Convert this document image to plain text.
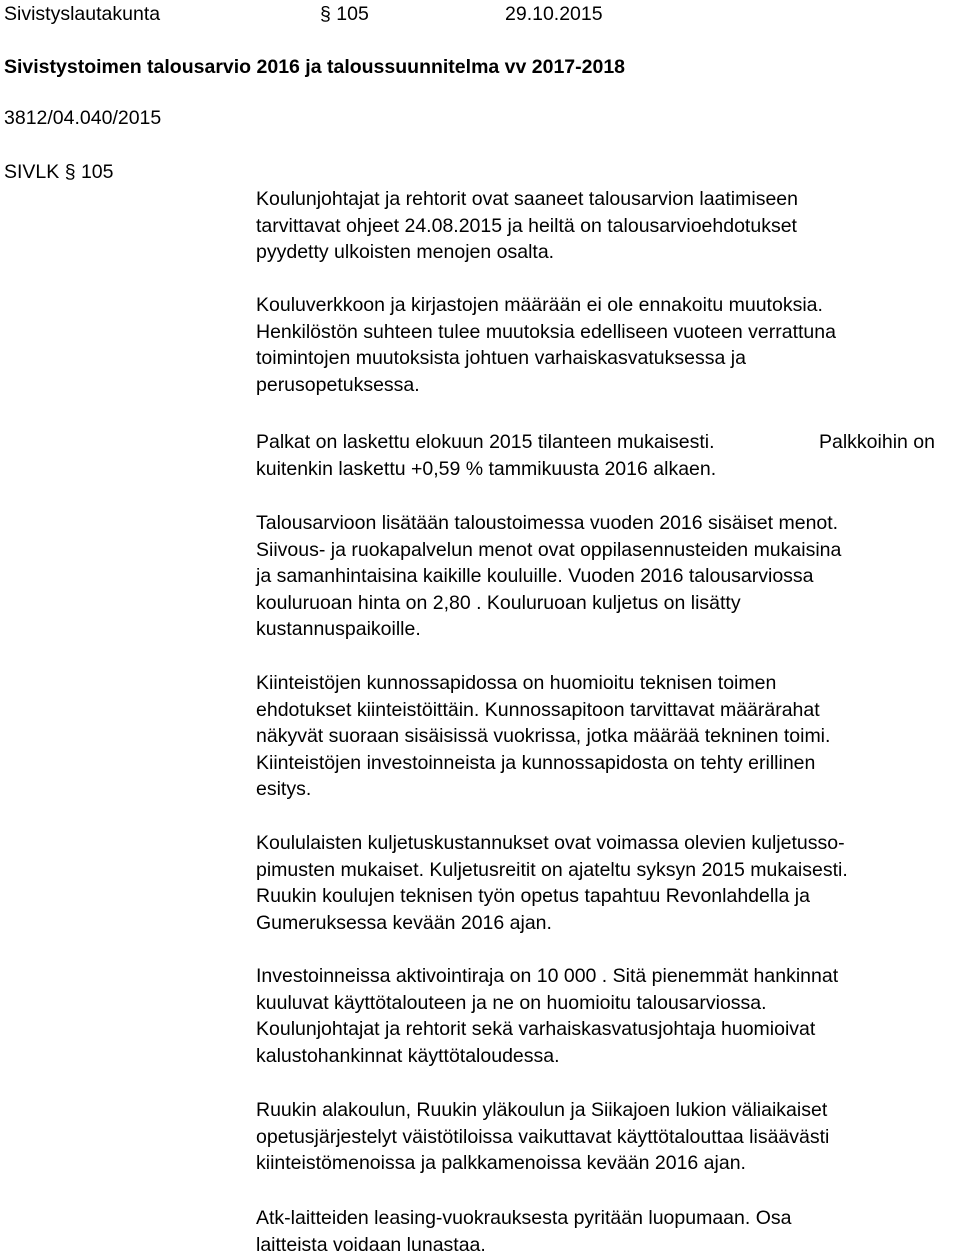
Sivistyslautakunta	§ 105	29.10.2015
Sivistystoimen talousarvio 2016 ja taloussuunnitelma vv 2017-2018
3812/04.040/2015
SIVLK § 105
Koulunjohtajat ja rehtorit ovat saaneet talousarvion laatimiseen
tarvittavat ohjeet 24.08.2015 ja heiltä on talousarvioehdotukset
pyydetty ulkoisten menojen osalta.
Kouluverkkoon ja kirjastojen määrään ei ole ennakoitu muutoksia.
Henkilöstön suhteen tulee muutoksia edelliseen vuoteen verrattuna
toimintojen muutoksista johtuen varhaiskasvatuksessa ja
perusopetuksessa.
Palkat on laskettu elokuun 2015 tilanteen mukaisesti.	Palkkoihin on
kuitenkin laskettu +0,59 % tammikuusta 2016 alkaen.
Talousarvioon lisätään taloustoimessa vuoden 2016 sisäiset menot.
Siivous- ja ruokapalvelun menot ovat oppilasennusteiden mukaisina
ja samanhintaisina kaikille kouluille. Vuoden 2016 talousarviossa
kouluruoan hinta on 2,80 . Kouluruoan kuljetus on lisätty
kustannuspaikoille.
Kiinteistöjen kunnossapidossa on huomioitu teknisen toimen
ehdotukset kiinteistöittäin. Kunnossapitoon tarvittavat määrärahat
näkyvät suoraan sisäisissä vuokrissa, jotka määrää tekninen toimi.
Kiinteistöjen investoinneista ja kunnossapidosta on tehty erillinen
esitys.
Koululaisten kuljetuskustannukset ovat voimassa olevien kuljetusso-
pimusten mukaiset. Kuljetusreitit on ajateltu syksyn 2015 mukaisesti.
Ruukin koulujen teknisen työn opetus tapahtuu Revonlahdella ja
Gumeruksessa kevään 2016 ajan.
Investoinneissa aktivointiraja on 10 000 . Sitä pienemmät hankinnat
kuuluvat käyttötalouteen ja ne on huomioitu talousarviossa.
Koulunjohtajat ja rehtorit sekä varhaiskasvatusjohtaja huomioivat
kalustohankinnat käyttötaloudessa.
Ruukin alakoulun, Ruukin yläkoulun ja Siikajoen lukion väliaikaiset
opetusjärjestelyt väistötiloissa vaikuttavat käyttötalouttaa lisäävästi
kiinteistömenoissa ja palkkamenoissa kevään 2016 ajan.
Atk-laitteiden leasing-vuokrauksesta pyritään luopumaan. Osa
laitteista voidaan lunastaa.
